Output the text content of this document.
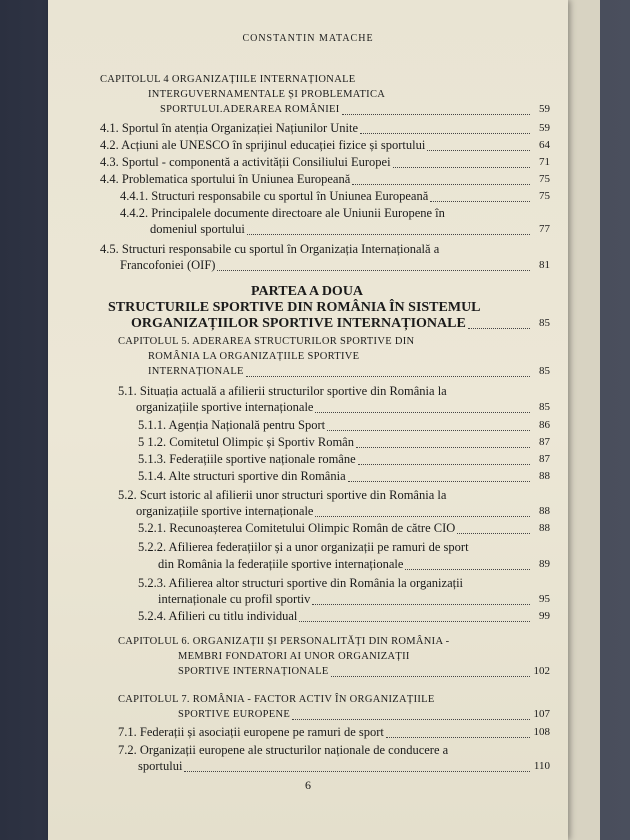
CONSTANTIN MATACHE
CAPITOLUL 4 ORGANIZAȚIILE INTERNAȚIONALE
INTERGUVERNAMENTALE ȘI PROBLEMATICA
SPORTULUI.ADERAREA ROMÂNIEI	59
4.1. Sportul în atenția Organizației Națiunilor Unite	59
4.2. Acțiuni ale UNESCO în sprijinul educației fizice și sportului	64
4.3. Sportul - componentă a activității Consiliului Europei	71
4.4. Problematica sportului în Uniunea Europeană	75
4.4.1. Structuri responsabile cu sportul în Uniunea Europeană	75
4.4.2. Principalele documente directoare ale Uniunii Europene în
domeniul sportului	77
4.5. Structuri responsabile cu sportul în Organizația Internațională a
Francofoniei (OIF)	81
PARTEA A DOUA
STRUCTURILE SPORTIVE DIN ROMÂNIA ÎN SISTEMUL
ORGANIZAȚIILOR SPORTIVE INTERNAȚIONALE	85
CAPITOLUL 5. ADERAREA STRUCTURILOR SPORTIVE DIN
ROMÂNIA LA ORGANIZAȚIILE SPORTIVE
INTERNAȚIONALE	85
5.1. Situația actuală a afilierii structurilor sportive din România la
organizațiile sportive internaționale	85
5.1.1. Agenția Națională pentru Sport	86
5 1.2. Comitetul Olimpic și Sportiv Român	87
5.1.3. Federațiile sportive naționale române	87
5.1.4. Alte structuri sportive din România	88
5.2. Scurt istoric al afilierii unor structuri sportive din România la
organizațiile sportive internaționale	88
5.2.1. Recunoașterea Comitetului Olimpic Român de către CIO	88
5.2.2. Afilierea federațiilor și a unor organizații pe ramuri de sport
din România la federațiile sportive internaționale	89
5.2.3. Afilierea altor structuri sportive din România la organizații
internaționale cu profil sportiv	95
5.2.4. Afilieri cu titlu individual	99
CAPITOLUL 6. ORGANIZAȚII ȘI PERSONALITĂȚI DIN ROMÂNIA -
MEMBRI FONDATORI AI UNOR ORGANIZAȚII
SPORTIVE INTERNAȚIONALE	102
CAPITOLUL 7. ROMÂNIA - FACTOR ACTIV ÎN ORGANIZAȚIILE
SPORTIVE EUROPENE	107
7.1. Federații și asociații europene pe ramuri de sport	108
7.2. Organizații europene ale structurilor naționale de conducere a
sportului	110
6
